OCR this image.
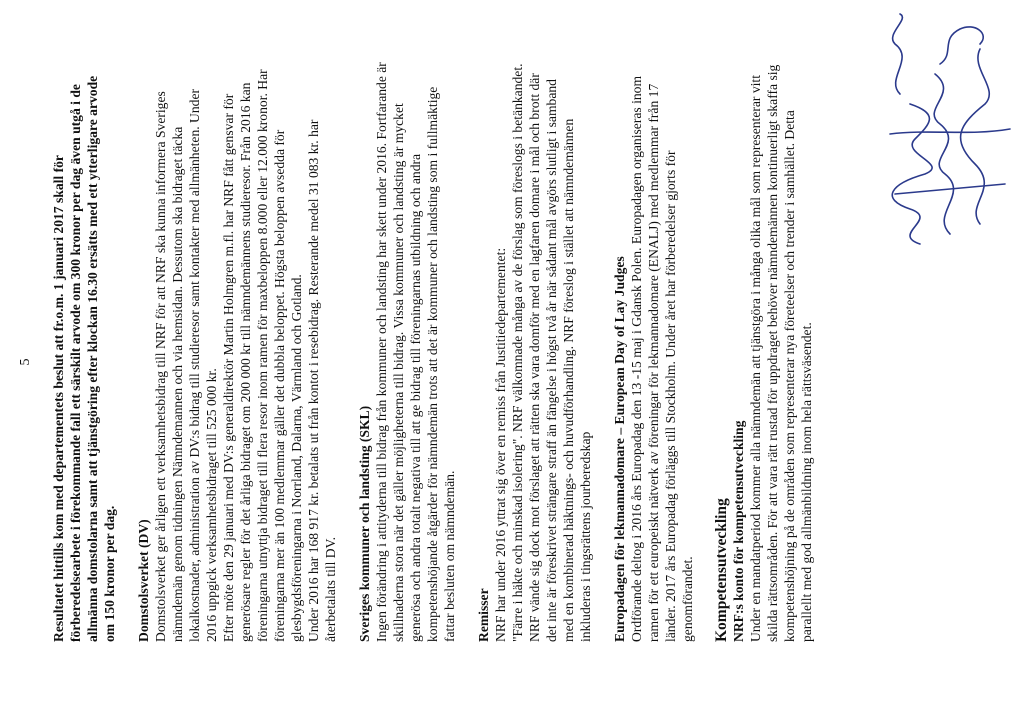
5 Resultatet hittills kom med departementets beslut att fr.o.m. 1 januari 2017 skall för förberedelsearbete i förekommande fall ett särskilt arvode om 300 kronor per dag även utgå i de allmänna domstolarna samt att tjänstgöring efter klockan 16.30 ersätts med ett ytterligare arvode om 150 kronor per dag. Domstolsverket (DV) Domstolsverket ger årligen ett verksamhetsbidrag till NRF för att NRF ska kunna informera Sveriges nämndemän genom tidningen Nämndemannen och via hemsidan. Dessutom ska bidraget täcka lokalkostnader, administration av DV:s bidrag till studieresor samt kontakter med allmänheten. Under 2016 uppgick verksamhetsbidraget till 525 000 kr. Efter möte den 29 januari med DV:s generaldirektör Martin Holmgren m.fl. har NRF fått gensvar för generösare regler för det årliga bidraget om 200 000 kr till nämndemännens studieresor. Från 2016 kan föreningarna utnyttja bidraget till flera resor inom ramen för maxbeloppen 8.000 eller 12.000 kronor. Har föreningarna mer än 100 medlemmar gäller det dubbla beloppet. Högsta beloppen avsedda för glesbygdsföreningarna i Norrland, Dalarna, Värmland och Gotland. Under 2016 har 168 917 kr. betalats ut från kontot i resebidrag. Resterande medel 31 083 kr. har återbetalats till DV. Sveriges kommuner och landsting (SKL) Ingen förändring i attityderna till bidrag från kommuner och landsting har skett under 2016. Fortfarande är skillnaderna stora när det gäller möjligheterna till bidrag. Vissa kommuner och landsting är mycket generösa och andra totalt negativa till att ge bidrag till föreningarnas utbildning och andra kompetenshöjande åtgärder för nämndemän trots att det är kommuner och landsting som i fullmäktige fattar besluten om nämndemän. Remisser NRF har under 2016 yttrat sig över en remiss från Justitiedepartementet: "Färre i häkte och minskad isolering". NRF välkomnade många av de förslag som föreslogs i betänkandet. NRF vände sig dock mot förslaget att rätten ska vara domför med en lagfaren domare i mål och brott där det inte är föreskrivet strängare straff än fängelse i högst två år när sådant mål avgörs slutligt i samband med en kombinerad häktnings- och huvudförhandling. NRF föreslog i stället att nämndemännen inkluderas i tingsrättens jourberedskap Europadagen för lekmannadomare – European Day of Lay Judges Ordförande deltog i 2016 års Europadag den 13 -15 maj i Gdansk Polen. Europadagen organiseras inom ramen för ett europeiskt nätverk av föreningar för lekmannadomare (ENALJ) med medlemmar från 17 länder. 2017 års Europadag förläggs till Stockholm. Under året har förberedelser gjorts för genomförandet. Kompetensutveckling NRF:s konto för kompetensutveckling Under en mandatperiod kommer alla nämndemän att tjänstgöra i många olika mål som representerar vitt skilda rättsområden. För att vara rätt rustad för uppdraget behöver nämndemännen kontinuerligt skaffa sig kompetenshöjning på de områden som representerar nya företeelser och trender i samhället. Detta parallellt med god allmänbildning inom hela rättsväsendet.
